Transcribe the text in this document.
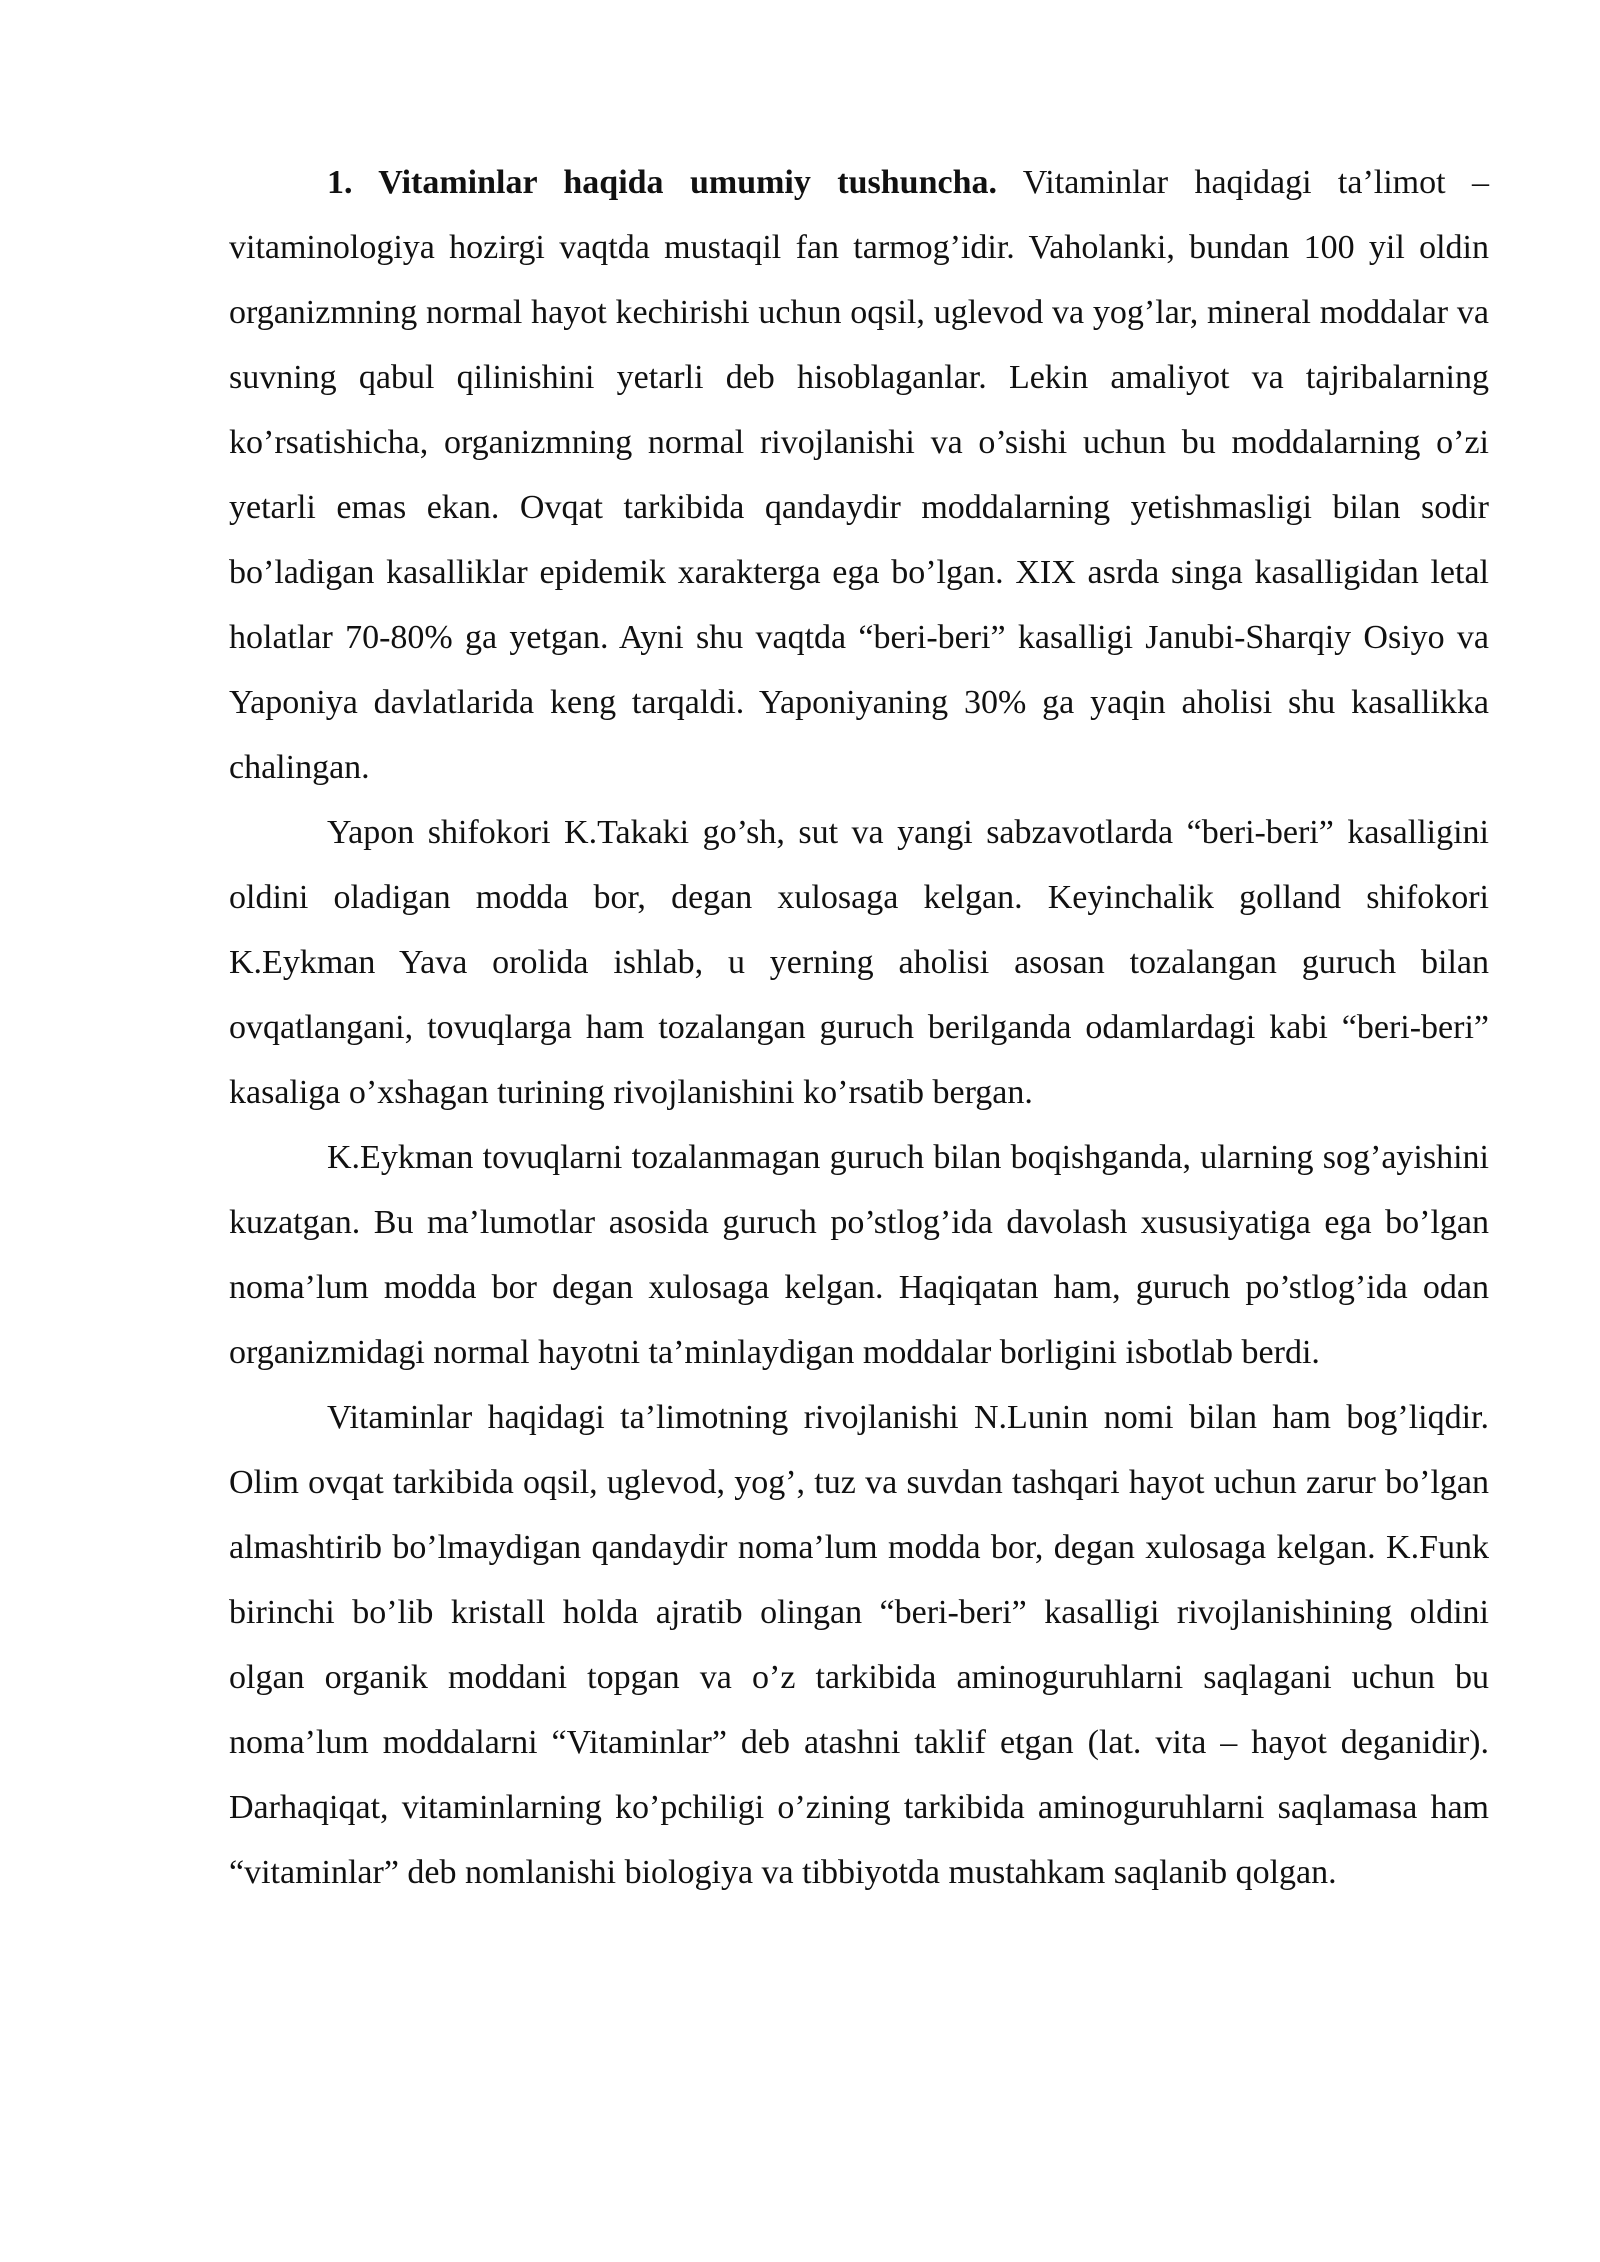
1. Vitaminlar haqida umumiy tushuncha. Vitaminlar haqidagi ta’limot – vitaminologiya hozirgi vaqtda mustaqil fan tarmog’idir. Vaholanki, bundan 100 yil oldin organizmning normal hayot kechirishi uchun oqsil, uglevod va yog’lar, mineral moddalar va suvning qabul qilinishini yetarli deb hisoblaganlar. Lekin amaliyot va tajribalarning ko’rsatishicha, organizmning normal rivojlanishi va o’sishi uchun bu moddalarning o’zi yetarli emas ekan. Ovqat tarkibida qandaydir moddalarning yetishmasligi bilan sodir bo’ladigan kasalliklar epidemik xarakterga ega bo’lgan. XIX asrda singa kasalligidan letal holatlar 70-80% ga yetgan. Ayni shu vaqtda “beri-beri” kasalligi Janubi-Sharqiy Osiyo va Yaponiya davlatlarida keng tarqaldi. Yaponiyaning 30% ga yaqin aholisi shu kasallikka chalingan.

Yapon shifokori K.Takaki go’sh, sut va yangi sabzavotlarda “beri-beri” kasalligini oldini oladigan modda bor, degan xulosaga kelgan. Keyinchalik golland shifokori K.Eykman Yava orolida ishlab, u yerning aholisi asosan tozalangan guruch bilan ovqatlangani, tovuqlarga ham tozalangan guruch berilganda odamlardagi kabi “beri-beri” kasaliga o’xshagan turining rivojlanishini ko’rsatib bergan.

K.Eykman tovuqlarni tozalanmagan guruch bilan boqishganda, ularning sog’ayishini kuzatgan. Bu ma’lumotlar asosida guruch po’stlog’ida davolash xususiyatiga ega bo’lgan noma’lum modda bor degan xulosaga kelgan. Haqiqatan ham, guruch po’stlog’ida odan organizmidagi normal hayotni ta’minlaydigan moddalar borligini isbotlab berdi.

Vitaminlar haqidagi ta’limotning rivojlanishi N.Lunin nomi bilan ham bog’liqdir. Olim ovqat tarkibida oqsil, uglevod, yog’, tuz va suvdan tashqari hayot uchun zarur bo’lgan almashtirib bo’lmaydigan qandaydir noma’lum modda bor, degan xulosaga kelgan. K.Funk birinchi bo’lib kristall holda ajratib olingan “beri-beri” kasalligi rivojlanishining oldini olgan organik moddani topgan va o’z tarkibida aminoguruhlarni saqlagani uchun bu noma’lum moddalarni “Vitaminlar” deb atashni taklif etgan (lat. vita – hayot deganidir). Darhaqiqat, vitaminlarning ko’pchiligi o’zining tarkibida aminoguruhlarni saqlamasa ham “vitaminlar” deb nomlanishi biologiya va tibbiyotda mustahkam saqlanib qolgan.
